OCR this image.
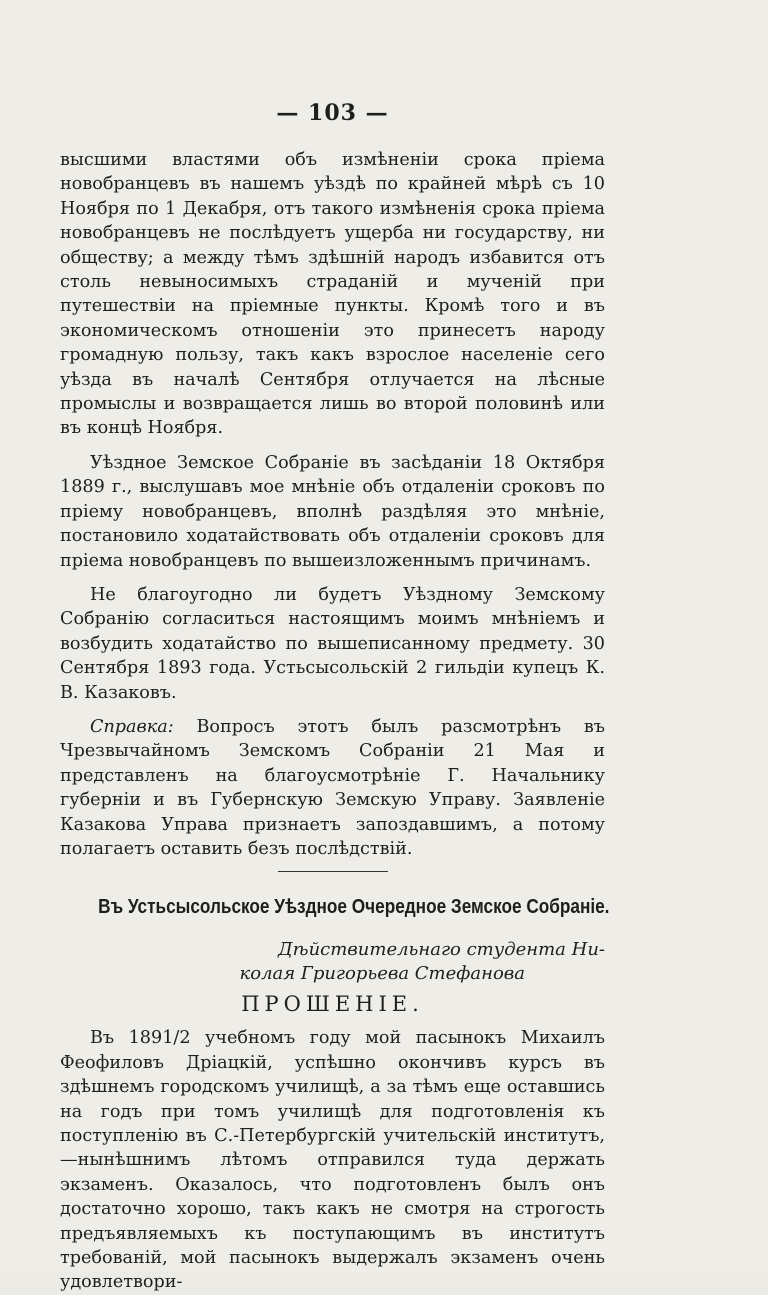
— 103 —

высшими властями объ измѣненiи срока прiема новобранцевъ въ нашемъ уѣздѣ по крайней мѣрѣ съ 10 Ноября по 1 Декабря, отъ такого измѣненiя срока прiема новобранцевъ не послѣдуетъ ущерба ни государству, ни обществу; а между тѣмъ здѣшнiй народъ избавится отъ столь невыносимыхъ страданiй и мученiй при путешествiи на прiемные пункты. Кромѣ того и въ экономическомъ отношенiи это принесетъ народу громадную пользу, такъ какъ взрослое населенiе сего уѣзда въ началѣ Сентября отлучается на лѣсные промыслы и возвращается лишь во второй половинѣ или въ концѣ Ноября.

Уѣздное Земское Собранiе въ засѣданiи 18 Октября 1889 г., выслушавъ мое мнѣнiе объ отдаленiи сроковъ по прiему новобранцевъ, вполнѣ раздѣляя это мнѣнiе, постановило ходатайствовать объ отдаленiи сроковъ для прiема новобранцевъ по вышеизложеннымъ причинамъ.

Не благоугодно ли будетъ Уѣздному Земскому Собранiю согласиться настоящимъ моимъ мнѣнiемъ и возбудить ходатайство по вышеписанному предмету. 30 Сентября 1893 года. Устьсысольскiй 2 гильдiи купецъ К. В. Казаковъ.

Справка: Вопросъ этотъ былъ разсмотрѣнъ въ Чрезвычайномъ Земскомъ Собранiи 21 Мая и представленъ на благоусмотрѣнiе Г. Начальнику губернiи и въ Губернскую Земскую Управу. Заявленiе Казакова Управа признаетъ запоздавшимъ, а потому полагаетъ оставить безъ послѣдствiй.

Въ Устьсысольское Уѣздное Очередное Земское Собранiе.
Дѣйствительнаго студента Ни-
колая Григорьева Стефанова
ПРОШЕНIЕ.

Въ 1891/2 учебномъ году мой пасынокъ Михаилъ Феофиловъ Дрiацкiй, успѣшно окончивъ курсъ въ здѣшнемъ городскомъ училищѣ, а за тѣмъ еще оставшись на годъ при томъ училищѣ для подготовленiя къ поступленiю въ С.-Петербургскiй учительскiй институтъ,—нынѣшнимъ лѣтомъ отправился туда держать экзаменъ. Оказалось, что подготовленъ былъ онъ достаточно хорошо, такъ какъ не смотря на строгость предъявляемыхъ къ поступающимъ въ институтъ требованiй, мой пасынокъ выдержалъ экзаменъ очень удовлетвори-
